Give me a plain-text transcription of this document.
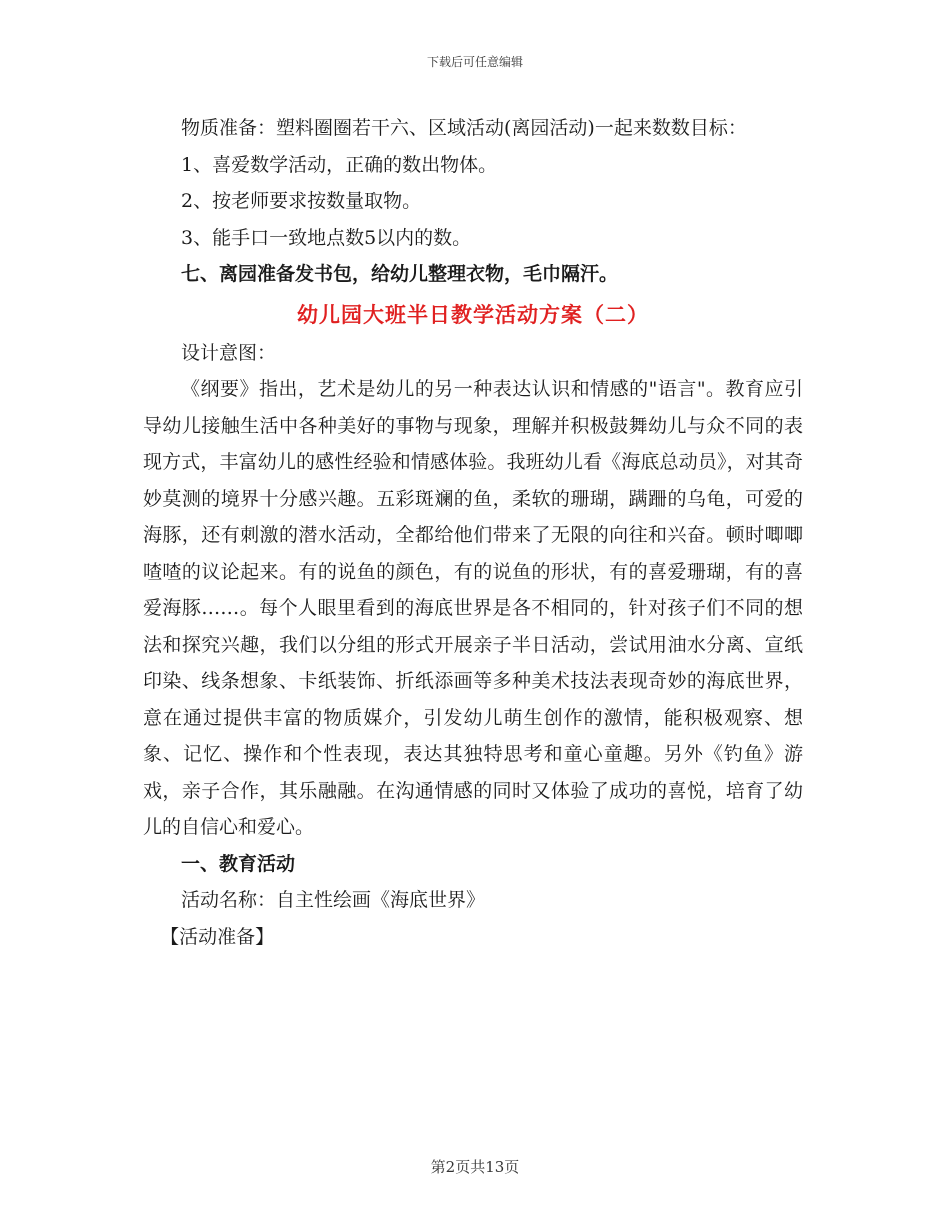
下载后可任意编辑

物质准备：塑料圈圈若干六、区域活动(离园活动)一起来数数目标：

1、喜爱数学活动，正确的数出物体。

2、按老师要求按数量取物。

3、能手口一致地点数5以内的数。

七、离园准备发书包，给幼儿整理衣物，毛巾隔汗。

幼儿园大班半日教学活动方案（二）

设计意图：

《纲要》指出，艺术是幼儿的另一种表达认识和情感的"语言"。教育应引导幼儿接触生活中各种美好的事物与现象，理解并积极鼓舞幼儿与众不同的表现方式，丰富幼儿的感性经验和情感体验。我班幼儿看《海底总动员》，对其奇妙莫测的境界十分感兴趣。五彩斑斓的鱼，柔软的珊瑚，蹒跚的乌龟，可爱的海豚，还有刺激的潜水活动，全都给他们带来了无限的向往和兴奋。顿时唧唧喳喳的议论起来。有的说鱼的颜色，有的说鱼的形状，有的喜爱珊瑚，有的喜爱海豚……。每个人眼里看到的海底世界是各不相同的，针对孩子们不同的想法和探究兴趣，我们以分组的形式开展亲子半日活动，尝试用油水分离、宣纸印染、线条想象、卡纸装饰、折纸添画等多种美术技法表现奇妙的海底世界，意在通过提供丰富的物质媒介，引发幼儿萌生创作的激情，能积极观察、想象、记忆、操作和个性表现，表达其独特思考和童心童趣。另外《钓鱼》游戏，亲子合作，其乐融融。在沟通情感的同时又体验了成功的喜悦，培育了幼儿的自信心和爱心。

一、教育活动

活动名称：自主性绘画《海底世界》

【活动准备】

第2页共13页
